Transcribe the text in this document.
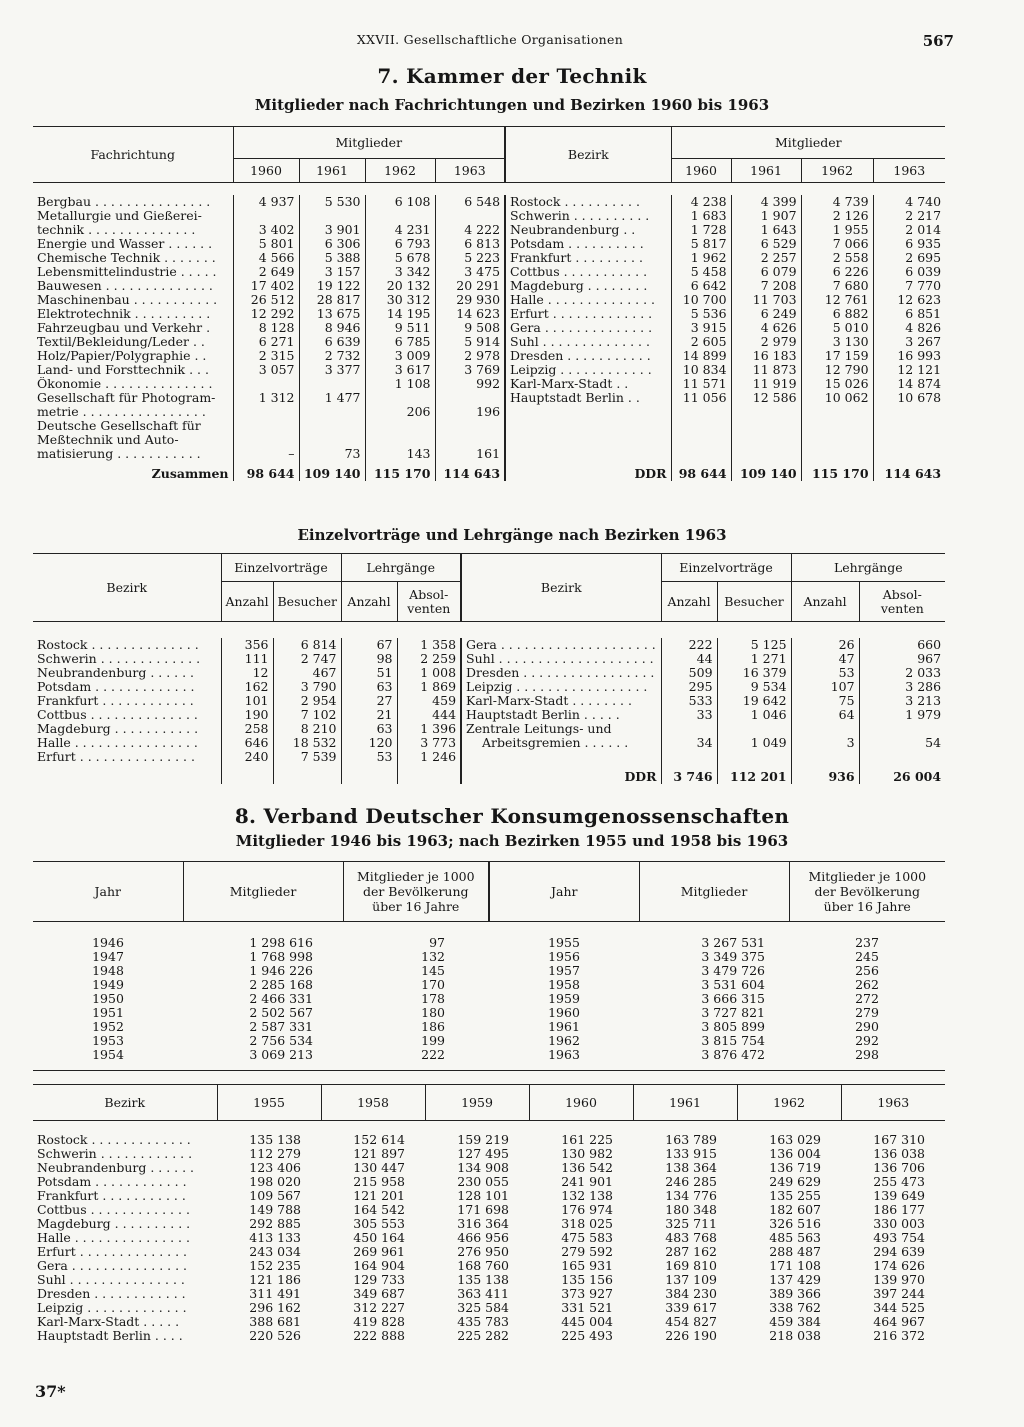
XXVII. Gesellschaftliche Organisationen	567
7. Kammer der Technik
Mitglieder nach Fachrichtungen und Bezirken 1960 bis 1963
Fachrichtung	Mitglieder				Bezirk	Mitglieder			
	1960	1961	1962	1963		1960	1961	1962	1963

Bergbau . . . . . . . . . . . . . . .	4 937	5 530	6 108	6 548	Rostock . . . . . . . . . .	4 238	4 399	4 739	4 740
Metallurgie und Gießerei-					Schwerin . . . . . . . . . .	1 683	1 907	2 126	2 217
technik . . . . . . . . . . . . . .	3 402	3 901	4 231	4 222	Neubrandenburg . .	1 728	1 643	1 955	2 014
Energie und Wasser . . . . . .	5 801	6 306	6 793	6 813	Potsdam . . . . . . . . . .	5 817	6 529	7 066	6 935
Chemische Technik . . . . . . .	4 566	5 388	5 678	5 223	Frankfurt . . . . . . . . .	1 962	2 257	2 558	2 695
Lebensmittelindustrie . . . . .	2 649	3 157	3 342	3 475	Cottbus . . . . . . . . . . .	5 458	6 079	6 226	6 039
Bauwesen . . . . . . . . . . . . . .	17 402	19 122	20 132	20 291	Magdeburg . . . . . . . .	6 642	7 208	7 680	7 770
Maschinenbau . . . . . . . . . . .	26 512	28 817	30 312	29 930	Halle . . . . . . . . . . . . . .	10 700	11 703	12 761	12 623
Elektrotechnik . . . . . . . . . .	12 292	13 675	14 195	14 623	Erfurt . . . . . . . . . . . . .	5 536	6 249	6 882	6 851
Fahrzeugbau und Verkehr .	8 128	8 946	9 511	9 508	Gera . . . . . . . . . . . . . .	3 915	4 626	5 010	4 826
Textil/Bekleidung/Leder . .	6 271	6 639	6 785	5 914	Suhl . . . . . . . . . . . . . .	2 605	2 979	3 130	3 267
Holz/Papier/Polygraphie . .	2 315	2 732	3 009	2 978	Dresden . . . . . . . . . . .	14 899	16 183	17 159	16 993
Land- und Forsttechnik . . .	3 057	3 377	3 617	3 769	Leipzig . . . . . . . . . . . .	10 834	11 873	12 790	12 121
Ökonomie . . . . . . . . . . . . . .			1 108	992	Karl-Marx-Stadt . .	11 571	11 919	15 026	14 874
Gesellschaft für Photogram-	1 312	1 477			Hauptstadt Berlin . .	11 056	12 586	10 062	10 678
metrie . . . . . . . . . . . . . . . .			206	196					
Deutsche Gesellschaft für									
Meßtechnik und Auto-									
matisierung . . . . . . . . . . .	–	73	143	161					
Zusammen	98 644	109 140	115 170	114 643	DDR	98 644	109 140	115 170	114 643
Einzelvorträge und Lehrgänge nach Bezirken 1963
Bezirk	Einzelvorträge		Lehrgänge		Bezirk	Einzelvorträge		Lehrgänge	
	Anzahl	Besucher	Anzahl	Absol-
venten		Anzahl	Besucher	Anzahl	Absol-
venten

Rostock . . . . . . . . . . . . . .	356	6 814	67	1 358	Gera . . . . . . . . . . . . . . . . . . . .	222	5 125	26	660
Schwerin . . . . . . . . . . . . .	111	2 747	98	2 259	Suhl . . . . . . . . . . . . . . . . . . . .	44	1 271	47	967
Neubrandenburg . . . . . .	12	467	51	1 008	Dresden . . . . . . . . . . . . . . . . .	509	16 379	53	2 033
Potsdam . . . . . . . . . . . . .	162	3 790	63	1 869	Leipzig . . . . . . . . . . . . . . . . .	295	9 534	107	3 286
Frankfurt . . . . . . . . . . . .	101	2 954	27	459	Karl-Marx-Stadt . . . . . . . .	533	19 642	75	3 213
Cottbus . . . . . . . . . . . . . .	190	7 102	21	444	Hauptstadt Berlin . . . . .	33	1 046	64	1 979
Magdeburg . . . . . . . . . . .	258	8 210	63	1 396	Zentrale Leitungs- und				
Halle . . . . . . . . . . . . . . . .	646	18 532	120	3 773	Arbeitsgremien . . . . . .	34	1 049	3	54
Erfurt . . . . . . . . . . . . . . .	240	7 539	53	1 246					
					DDR	3 746	112 201	936	26 004
8. Verband Deutscher Konsumgenossenschaften
Mitglieder 1946 bis 1963; nach Bezirken 1955 und 1958 bis 1963
Jahr	Mitglieder	Mitglieder je 1000
der Bevölkerung
über 16 Jahre	Jahr	Mitglieder	Mitglieder je 1000
der Bevölkerung
über 16 Jahre

1946	1 298 616	97	1955	3 267 531	237
1947	1 768 998	132	1956	3 349 375	245
1948	1 946 226	145	1957	3 479 726	256
1949	2 285 168	170	1958	3 531 604	262
1950	2 466 331	178	1959	3 666 315	272
1951	2 502 567	180	1960	3 727 821	279
1952	2 587 331	186	1961	3 805 899	290
1953	2 756 534	199	1962	3 815 754	292
1954	3 069 213	222	1963	3 876 472	298

Bezirk	1955	1958	1959	1960	1961	1962	1963

Rostock . . . . . . . . . . . . .	135 138	152 614	159 219	161 225	163 789	163 029	167 310
Schwerin . . . . . . . . . . . .	112 279	121 897	127 495	130 982	133 915	136 004	136 038
Neubrandenburg . . . . . .	123 406	130 447	134 908	136 542	138 364	136 719	136 706
Potsdam . . . . . . . . . . . .	198 020	215 958	230 055	241 901	246 285	249 629	255 473
Frankfurt . . . . . . . . . . .	109 567	121 201	128 101	132 138	134 776	135 255	139 649
Cottbus . . . . . . . . . . . . .	149 788	164 542	171 698	176 974	180 348	182 607	186 177
Magdeburg . . . . . . . . . .	292 885	305 553	316 364	318 025	325 711	326 516	330 003
Halle . . . . . . . . . . . . . . .	413 133	450 164	466 956	475 583	483 768	485 563	493 754
Erfurt . . . . . . . . . . . . . .	243 034	269 961	276 950	279 592	287 162	288 487	294 639
Gera . . . . . . . . . . . . . . .	152 235	164 904	168 760	165 931	169 810	171 108	174 626
Suhl . . . . . . . . . . . . . . .	121 186	129 733	135 138	135 156	137 109	137 429	139 970
Dresden . . . . . . . . . . . .	311 491	349 687	363 411	373 927	384 230	389 366	397 244
Leipzig . . . . . . . . . . . . .	296 162	312 227	325 584	331 521	339 617	338 762	344 525
Karl-Marx-Stadt . . . . .	388 681	419 828	435 783	445 004	454 827	459 384	464 967
Hauptstadt Berlin . . . .	220 526	222 888	225 282	225 493	226 190	218 038	216 372
37*
